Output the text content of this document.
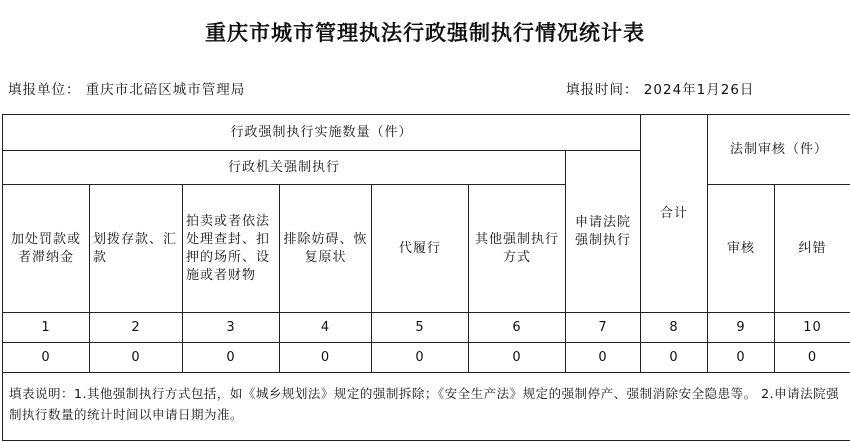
重庆市城市管理执法行政强制执行情况统计表
填报单位： 重庆市北碚区城市管理局	填报时间： 2024年1月26日
行政强制执行实施数量（件）							合计	法制审核（件）	
行政机关强制执行						申请法院强制执行			
加处罚款或者滞纳金	划拨存款、汇款	拍卖或者依法处理查封、扣押的场所、设施或者财物	排除妨碍、恢复原状	代履行	其他强制执行方式			审核	纠错
1	2	3	4	5	6	7	8	9	10
0	0	0	0	0	0	0	0	0	0
填表说明：1.其他强制执行方式包括，如《城乡规划法》规定的强制拆除；《安全生产法》规定的强制停产、强制消除安全隐患等。 2.申请法院强制执行数量的统计时间以申请日期为准。									
